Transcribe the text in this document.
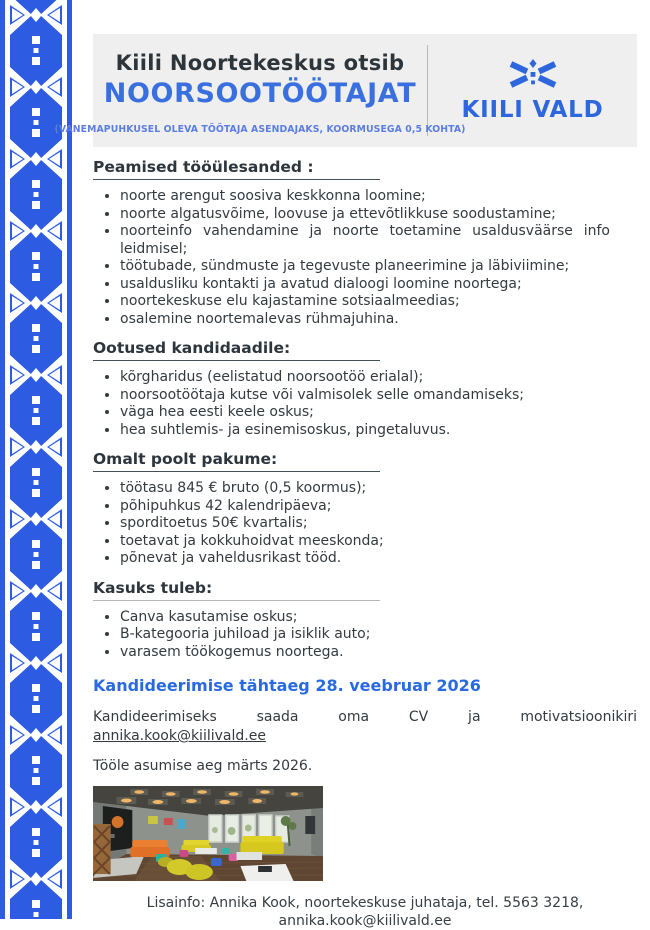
Kiili Noortekeskus otsib
NOORSOOTÖÖTAJAT
(VANEMAPUHKUSEL OLEVA TÖÖTAJA ASENDAJAKS, KOORMUSEGA 0,5 KOHTA)
KIILI VALD
Peamised tööülesanded :
• noorte arengut soosiva keskkonna loomine;
• noorte algatusvõime, loovuse ja ettevõtlikkuse soodustamine;
• noorteinfo vahendamine ja noorte toetamine usaldusväärse info leidmisel;
• töötubade, sündmuste ja tegevuste planeerimine ja läbiviimine;
• usaldusliku kontakti ja avatud dialoogi loomine noortega;
• noortekeskuse elu kajastamine sotsiaalmeedias;
• osalemine noortemalevas rühmajuhina.
Ootused kandidaadile:
• kõrgharidus (eelistatud noorsootöö erialal);
• noorsootöötaja kutse või valmisolek selle omandamiseks;
• väga hea eesti keele oskus;
• hea suhtlemis- ja esinemisoskus, pingetaluvus.
Omalt poolt pakume:
• töötasu 845 € bruto (0,5 koormus);
• põhipuhkus 42 kalendripäeva;
• sporditoetus 50€ kvartalis;
• toetavat ja kokkuhoidvat meeskonda;
• põnevat ja vaheldusrikast tööd.
Kasuks tuleb:
• Canva kasutamise oskus;
• B-kategooria juhiload ja isiklik auto;
• varasem töökogemus noortega.

Kandideerimise tähtaeg 28. veebruar 2026

Kandideerimiseks saada oma CV ja motivatsioonikiri annika.kook@kiilivald.ee

Tööle asumise aeg märts 2026.

Lisainfo: Annika Kook, noortekeskuse juhataja, tel. 5563 3218,
annika.kook@kiilivald.ee
